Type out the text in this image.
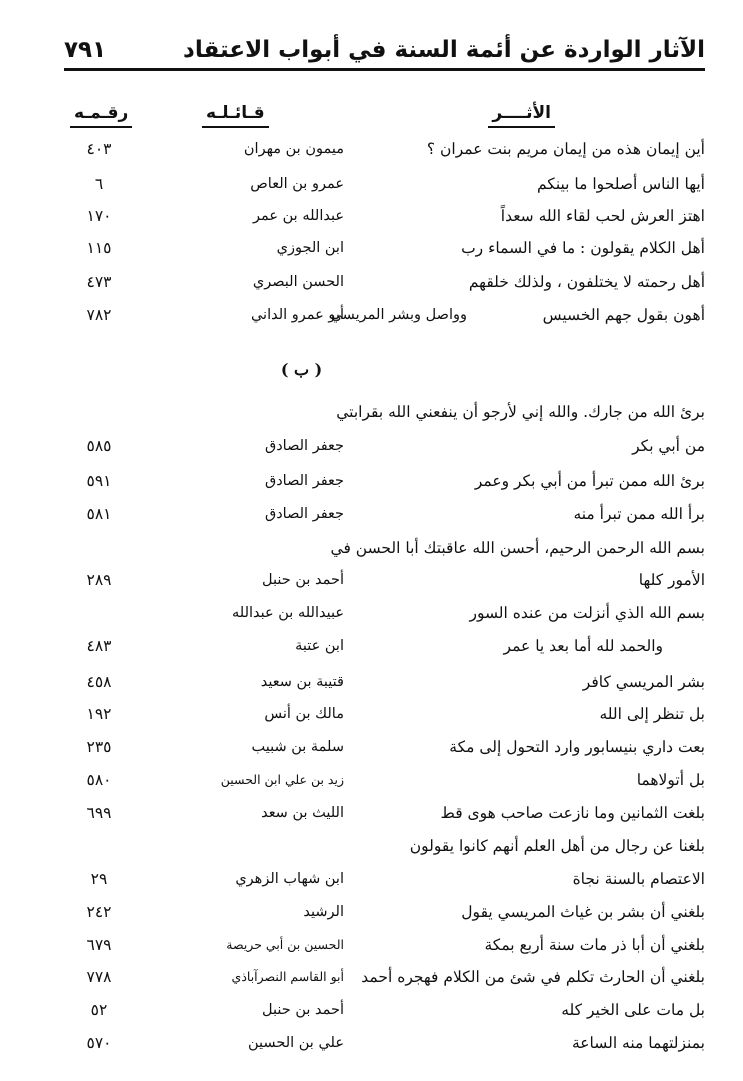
الآثار الواردة عن أئمة السنة في أبواب الاعتقاد
٧٩١
الأثــــر
قـائـلـه
رقـمـه
( ب )
أين إيمان هذه من إيمان مريم بنت عمران ؟
ميمون بن مهران
٤٠٣
أيها الناس أصلحوا ما بينكم
عمرو بن العاص
٦
اهتز العرش لحب لقاء الله سعداً
عبدالله بن عمر
١٧٠
أهل الكلام يقولون : ما في السماء رب
ابن الجوزي
١١٥
أهل رحمته لا يختلفون ، ولذلك خلقهم
الحسن البصري
٤٧٣
أهون بقول جهم الخسيس
وواصل وبشر المريسي
أبو عمرو الداني
٧٨٢
برئ الله من جارك. والله إني لأرجو أن ينفعني الله بقرابتي
من أبي بكر
جعفر الصادق
٥٨٥
برئ الله ممن تبرأ من أبي بكر وعمر
جعفر الصادق
٥٩١
برأ الله ممن تبرأ منه
جعفر الصادق
٥٨١
بسم الله الرحمن الرحيم، أحسن الله عاقبتك أبا الحسن في
الأمور كلها
أحمد بن حنبل
٢٨٩
بسم الله الذي أنزلت من عنده السور
عبيدالله بن عبدالله
والحمد لله أما بعد يا عمر
ابن عتبة
٤٨٣
بشر المريسي كافر
قتيبة بن سعيد
٤٥٨
بل تنظر إلى الله
مالك بن أنس
١٩٢
بعت داري بنيسابور وارد التحول إلى مكة
سلمة بن شبيب
٢٣٥
بل أتولاهما
زيد بن علي ابن الحسين
٥٨٠
بلغت الثمانين وما نازعت صاحب هوى قط
الليث بن سعد
٦٩٩
بلغنا عن رجال من أهل العلم أنهم كانوا يقولون
الاعتصام بالسنة نجاة
ابن شهاب الزهري
٢٩
بلغني أن بشر بن غياث المريسي يقول
الرشيد
٢٤٢
بلغني أن أبا ذر مات سنة أربع بمكة
الحسين بن أبي حريصة
٦٧٩
بلغني أن الحارث تكلم في شئ من الكلام فهجره أحمد
أبو القاسم النصرآباذي
٧٧٨
بل مات على الخير كله
أحمد بن حنبل
٥٢
بمنزلتهما منه الساعة
علي بن الحسين
٥٧٠
